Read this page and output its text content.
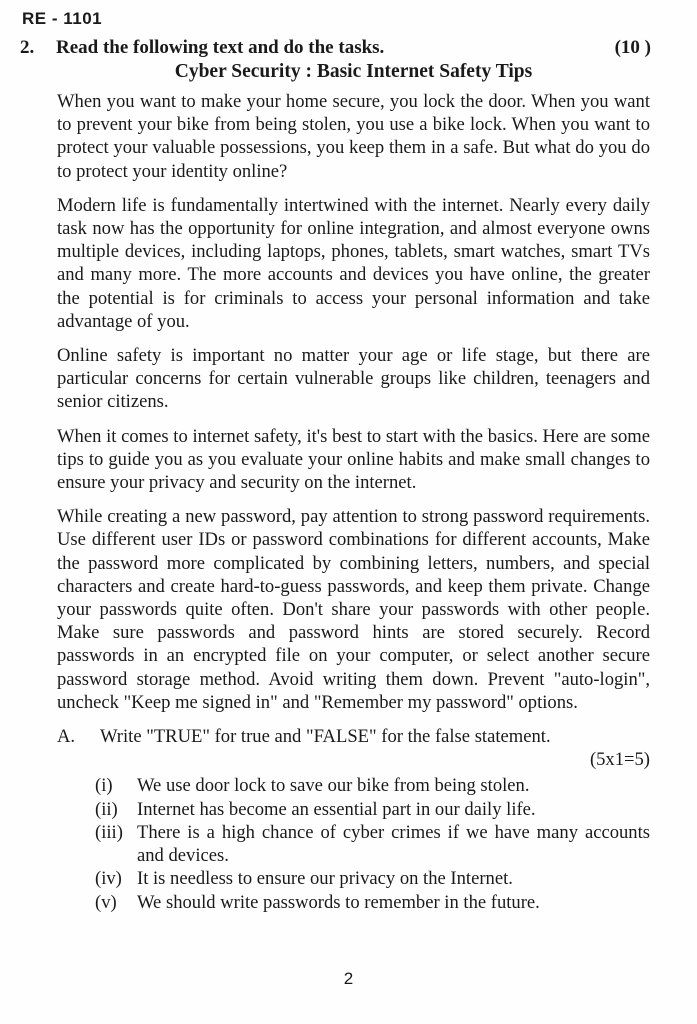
RE - 1101
2.	Read the following text and do the tasks.	(10 )
Cyber Security : Basic Internet Safety Tips

When you want to make your home secure, you lock the door. When you want to prevent your bike from being stolen, you use a bike lock. When you want to protect your valuable possessions, you keep them in a safe. But what do you do to protect your identity online?

Modern life is fundamentally intertwined with the internet. Nearly every daily task now has the opportunity for online integration, and almost everyone owns multiple devices, including laptops, phones, tablets, smart watches, smart TVs and many more. The more accounts and devices you have online, the greater the potential is for criminals to access your personal information and take advantage of you.

Online safety is important no matter your age or life stage, but there are particular concerns for certain vulnerable groups like children, teenagers and senior citizens.

When it comes to internet safety, it's best to start with the basics. Here are some tips to guide you as you evaluate your online habits and make small changes to ensure your privacy and security on the internet.

While creating a new password, pay attention to strong password requirements. Use different user IDs or password combinations for different accounts, Make the password more complicated by combining letters, numbers, and special characters and create hard-to-guess passwords, and keep them private. Change your passwords quite often. Don't share your passwords with other people. Make sure passwords and password hints are stored securely. Record passwords in an encrypted file on your computer, or select another secure password storage method. Avoid writing them down. Prevent "auto-login", uncheck "Keep me signed in" and "Remember my password" options.

A.	Write "TRUE" for true and "FALSE" for the false statement.
(5x1=5)
(i)	We use door lock to save our bike from being stolen.
(ii)	Internet has become an essential part in our daily life.
(iii) There is a high chance of cyber crimes if we have many accounts and devices.
(iv) It is needless to ensure our privacy on the Internet.
(v)	We should write passwords to remember in the future.
2
